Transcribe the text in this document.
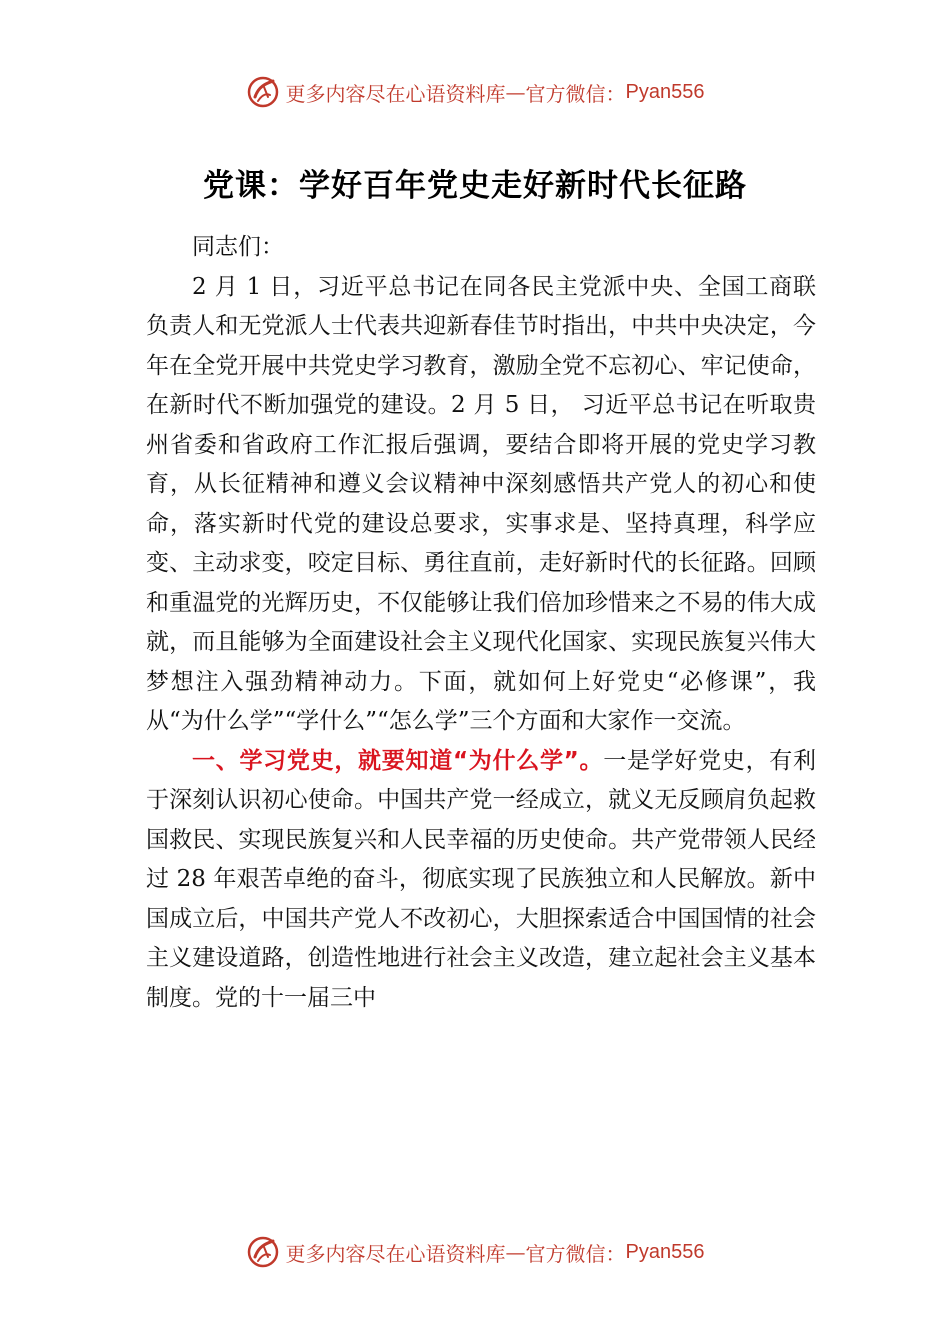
更多内容尽在心语资料库 — 官方微信： Pyan556
党课：学好百年党史走好新时代长征路

同志们：

2 月 1 日，习近平总书记在同各民主党派中央、全国工商联负责人和无党派人士代表共迎新春佳节时指出，中共中央决定，今年在全党开展中共党史学习教育，激励全党不忘初心、牢记使命，在新时代不断加强党的建设。2 月 5 日， 习近平总书记在听取贵州省委和省政府工作汇报后强调，要结合即将开展的党史学习教育，从长征精神和遵义会议精神中深刻感悟共产党人的初心和使命，落实新时代党的建设总要求，实事求是、坚持真理，科学应变、主动求变，咬定目标、勇往直前，走好新时代的长征路。回顾和重温党的光辉历史，不仅能够让我们倍加珍惜来之不易的伟大成就，而且能够为全面建设社会主义现代化国家、实现民族复兴伟大梦想注入强劲精神动力。下面，就如何上好党史“必修课”，我从“为什么学”“学什么”“怎么学”三个方面和大家作一交流。

一、学习党史，就要知道“为什么学”。一是学好党史，有利于深刻认识初心使命。中国共产党一经成立，就义无反顾肩负起救国救民、实现民族复兴和人民幸福的历史使命。共产党带领人民经过 28 年艰苦卓绝的奋斗，彻底实现了民族独立和人民解放。新中国成立后，中国共产党人不改初心，大胆探索适合中国国情的社会主义建设道路，创造性地进行社会主义改造，建立起社会主义基本制度。党的十一届三中

更多内容尽在心语资料库 — 官方微信： Pyan556
